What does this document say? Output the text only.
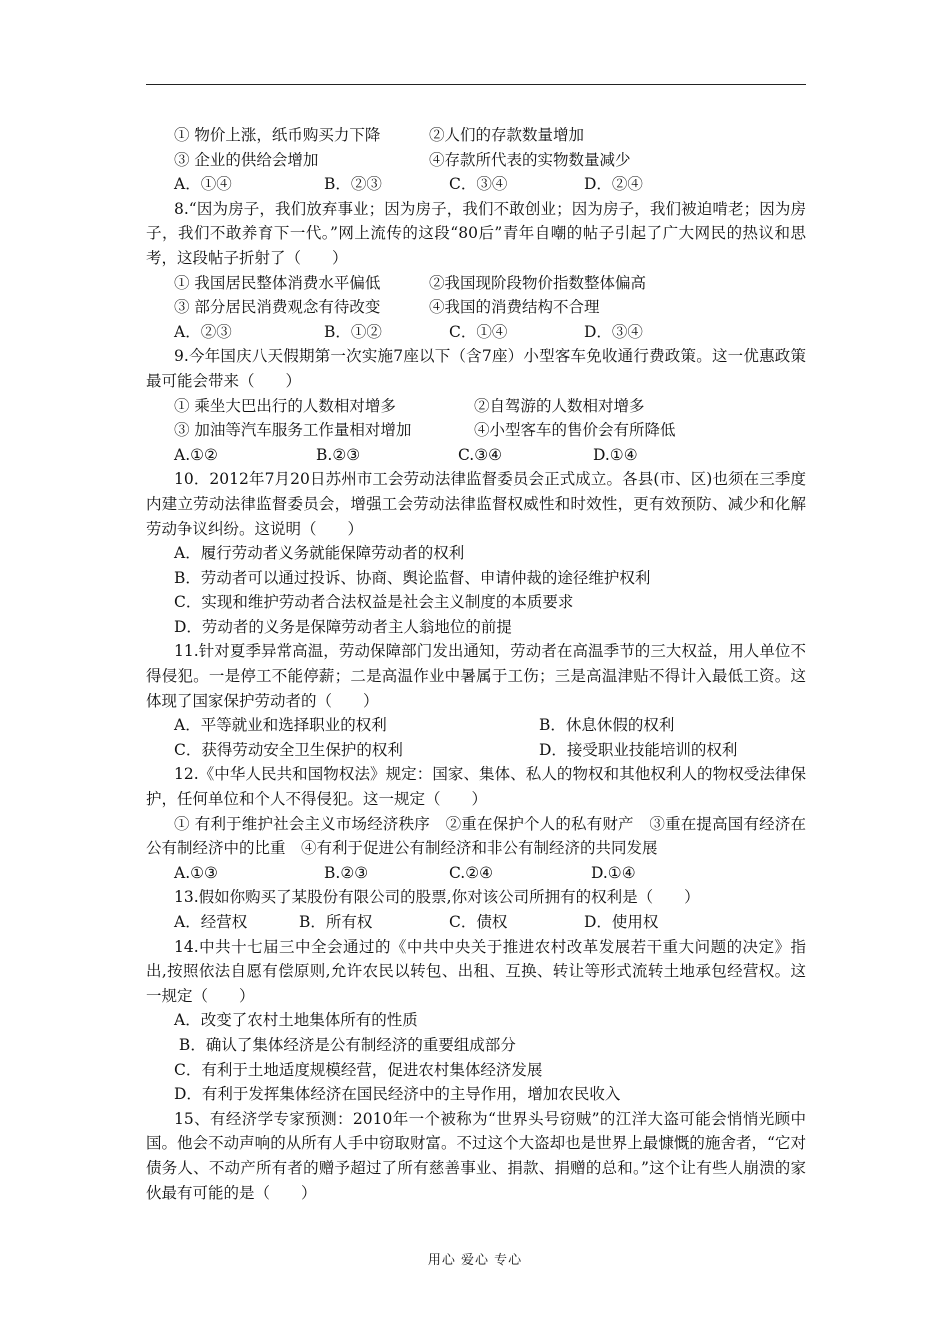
① 物价上涨，纸币购买力下降	②人们的存款数量增加
③ 企业的供给会增加	④存款所代表的实物数量减少
A．①④	B．②③	C．③④	D．②④
8.“因为房子，我们放弃事业；因为房子，我们不敢创业；因为房子，我们被迫啃老；因为房子，我们不敢养育下一代。”网上流传的这段“80后”青年自嘲的帖子引起了广大网民的热议和思考，这段帖子折射了（　　）
① 我国居民整体消费水平偏低	②我国现阶段物价指数整体偏高
③ 部分居民消费观念有待改变	④我国的消费结构不合理
A．②③	B．①②	C．①④	D．③④
9.今年国庆八天假期第一次实施7座以下（含7座）小型客车免收通行费政策。这一优惠政策最可能会带来（　　）
① 乘坐大巴出行的人数相对增多	②自驾游的人数相对增多
③ 加油等汽车服务工作量相对增加	④小型客车的售价会有所降低
A.①②	B.②③	C.③④	D.①④
10．2012年7月20日苏州市工会劳动法律监督委员会正式成立。各县(市、区)也须在三季度内建立劳动法律监督委员会，增强工会劳动法律监督权威性和时效性，更有效预防、减少和化解劳动争议纠纷。这说明（　　）
A．履行劳动者义务就能保障劳动者的权利
B．劳动者可以通过投诉、协商、舆论监督、申请仲裁的途径维护权利
C．实现和维护劳动者合法权益是社会主义制度的本质要求
D．劳动者的义务是保障劳动者主人翁地位的前提
11.针对夏季异常高温，劳动保障部门发出通知，劳动者在高温季节的三大权益，用人单位不得侵犯。一是停工不能停薪；二是高温作业中暑属于工伤；三是高温津贴不得计入最低工资。这体现了国家保护劳动者的（　　）
A．平等就业和选择职业的权利	B．休息休假的权利
C．获得劳动安全卫生保护的权利	D．接受职业技能培训的权利
12.《中华人民共和国物权法》规定：国家、集体、私人的物权和其他权利人的物权受法律保护，任何单位和个人不得侵犯。这一规定（　　）
① 有利于维护社会主义市场经济秩序　②重在保护个人的私有财产　③重在提高国有经济在公有制经济中的比重　④有利于促进公有制经济和非公有制经济的共同发展
A.①③	B.②③	C.②④	D.①④
13.假如你购买了某股份有限公司的股票,你对该公司所拥有的权利是（　　）
A．经营权	B．所有权	C．债权	D．使用权
14.中共十七届三中全会通过的《中共中央关于推进农村改革发展若干重大问题的决定》指出,按照依法自愿有偿原则,允许农民以转包、出租、互换、转让等形式流转土地承包经营权。这一规定（　　）
A．改变了农村土地集体所有的性质
B．确认了集体经济是公有制经济的重要组成部分
C．有利于土地适度规模经营，促进农村集体经济发展
D．有利于发挥集体经济在国民经济中的主导作用，增加农民收入
15、有经济学专家预测：2010年一个被称为“世界头号窃贼”的江洋大盗可能会悄悄光顾中国。他会不动声响的从所有人手中窃取财富。不过这个大盗却也是世界上最慷慨的施舍者，“它对债务人、不动产所有者的赠予超过了所有慈善事业、捐款、捐赠的总和。”这个让有些人崩溃的家伙最有可能的是（　　）
用心 爱心 专心
